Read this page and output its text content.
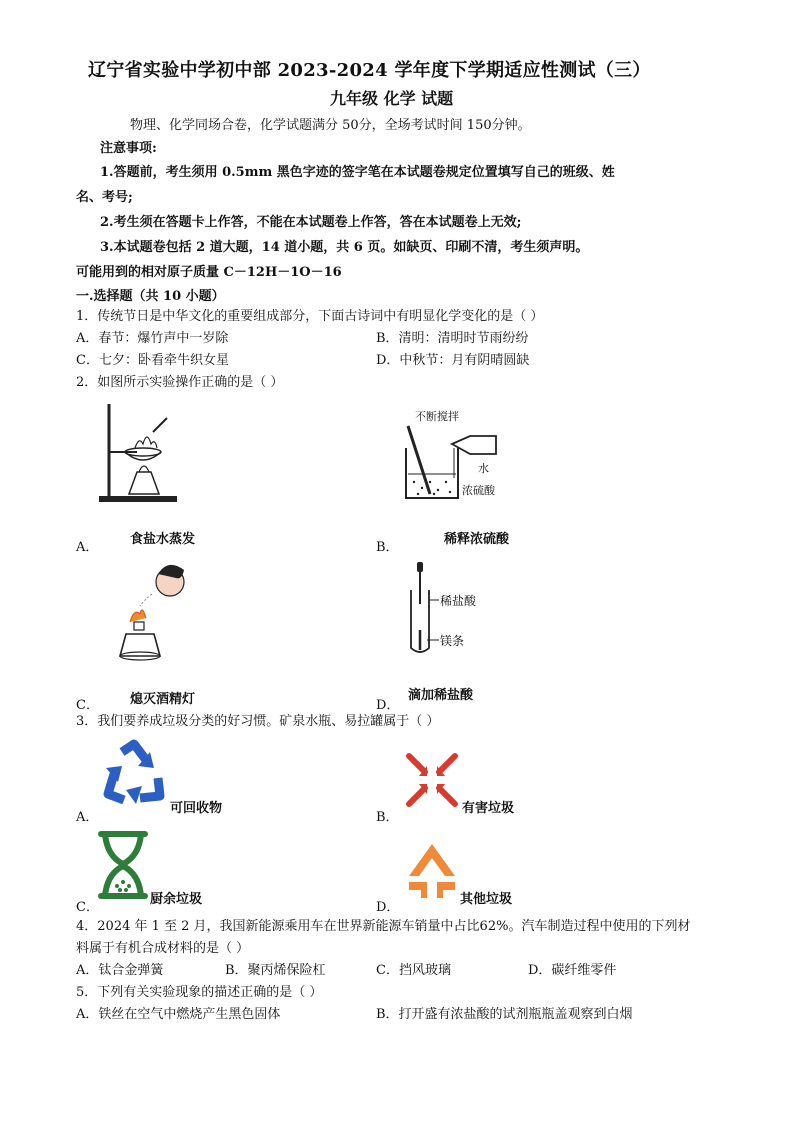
辽宁省实验中学初中部 2023-2024 学年度下学期适应性测试（三）
九年级 化学 试题
物理、化学同场合卷，化学试题满分 50分，全场考试时间 150分钟。
注意事项:
1.答题前，考生须用 0.5mm 黑色字迹的签字笔在本试题卷规定位置填写自己的班级、姓
名、考号;
2.考生须在答题卡上作答，不能在本试题卷上作答，答在本试题卷上无效;
3.本试题卷包括 2 道大题，14 道小题，共 6 页。如缺页、印刷不清，考生须声明。
可能用到的相对原子质量 C－12H－1O－16
一.选择题（共 10 小题）
1．传统节日是中华文化的重要组成部分，下面古诗词中有明显化学变化的是（ ）
A．春节：爆竹声中一岁除	B．清明：清明时节雨纷纷
C．七夕：卧看牵牛织女星	D．中秋节：月有阴晴圆缺
2．如图所示实验操作正确的是（ ）
A．
食盐水蒸发
不断搅拌
水
浓硫酸
B．
稀释浓硫酸
C． 熄灭酒精灯
稀盐酸
镁条
D．
滴加稀盐酸
3．我们要养成垃圾分类的好习惯。矿泉水瓶、易拉罐属于（ ）
A．
可回收物
B．
有害垃圾
C．
厨余垃圾
D．
其他垃圾
4．2024 年 1 至 2 月，我国新能源乘用车在世界新能源车销量中占比62%。汽车制造过程中使用的下列材
料属于有机合成材料的是（ ）
A．钛合金弹簧	B．聚丙烯保险杠	C．挡风玻璃	D．碳纤维零件
5．下列有关实验现象的描述正确的是（ ）
A．铁丝在空气中燃烧产生黑色固体	B．打开盛有浓盐酸的试剂瓶瓶盖观察到白烟
